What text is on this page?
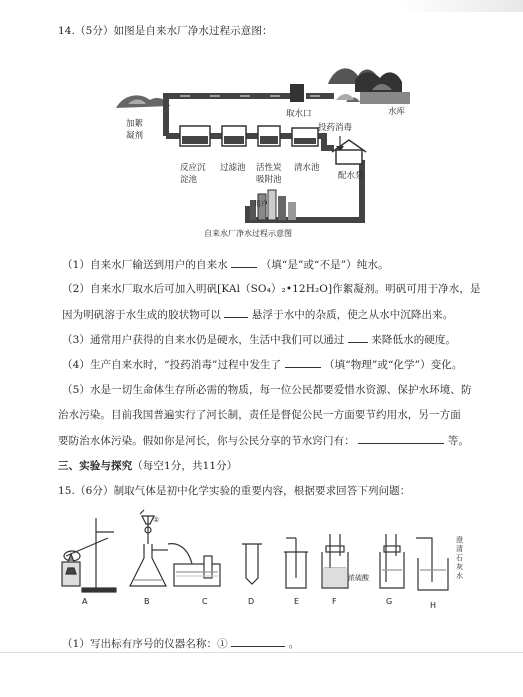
14.（5分）如图是自来水厂净水过程示意图：
加絮
凝剂
取水口	水库
投药消毒
反应沉
淀池
过滤池 活性炭
吸附池
清水池
配水泵
用户
自来水厂净水过程示意图
（1）自来水厂输送到用户的自来水	（填“是”或“不是”）纯水。
（2）自来水厂取水后可加入明矾[KAl（SO₄）₂•12H₂O]作絮凝剂。明矾可用于净水，是
因为明矾溶于水生成的胶状物可以	悬浮于水中的杂质，使之从水中沉降出来。
（3）通常用户获得的自来水仍是硬水，生活中我们可以通过	来降低水的硬度。
（4）生产自来水时，“投药消毒”过程中发生了	（填“物理”或“化学”）变化。
（5）水是一切生命体生存所必需的物质，每一位公民都要爱惜水资源、保护水环境、防
治水污染。目前我国普遍实行了河长制，责任是督促公民一方面要节约用水，另一方面
要防治水体污染。假如你是河长，你与公民分享的节水窍门有：	等。
三、实验与探究（每空1分，共11分）
15.（6分）制取气体是初中化学实验的重要内容，根据要求回答下列问题：
A	B	C	D	E	F	G	H
①
浓硫酸
澄
清
石
灰
水
（1）写出标有序号的仪器名称：①	。
